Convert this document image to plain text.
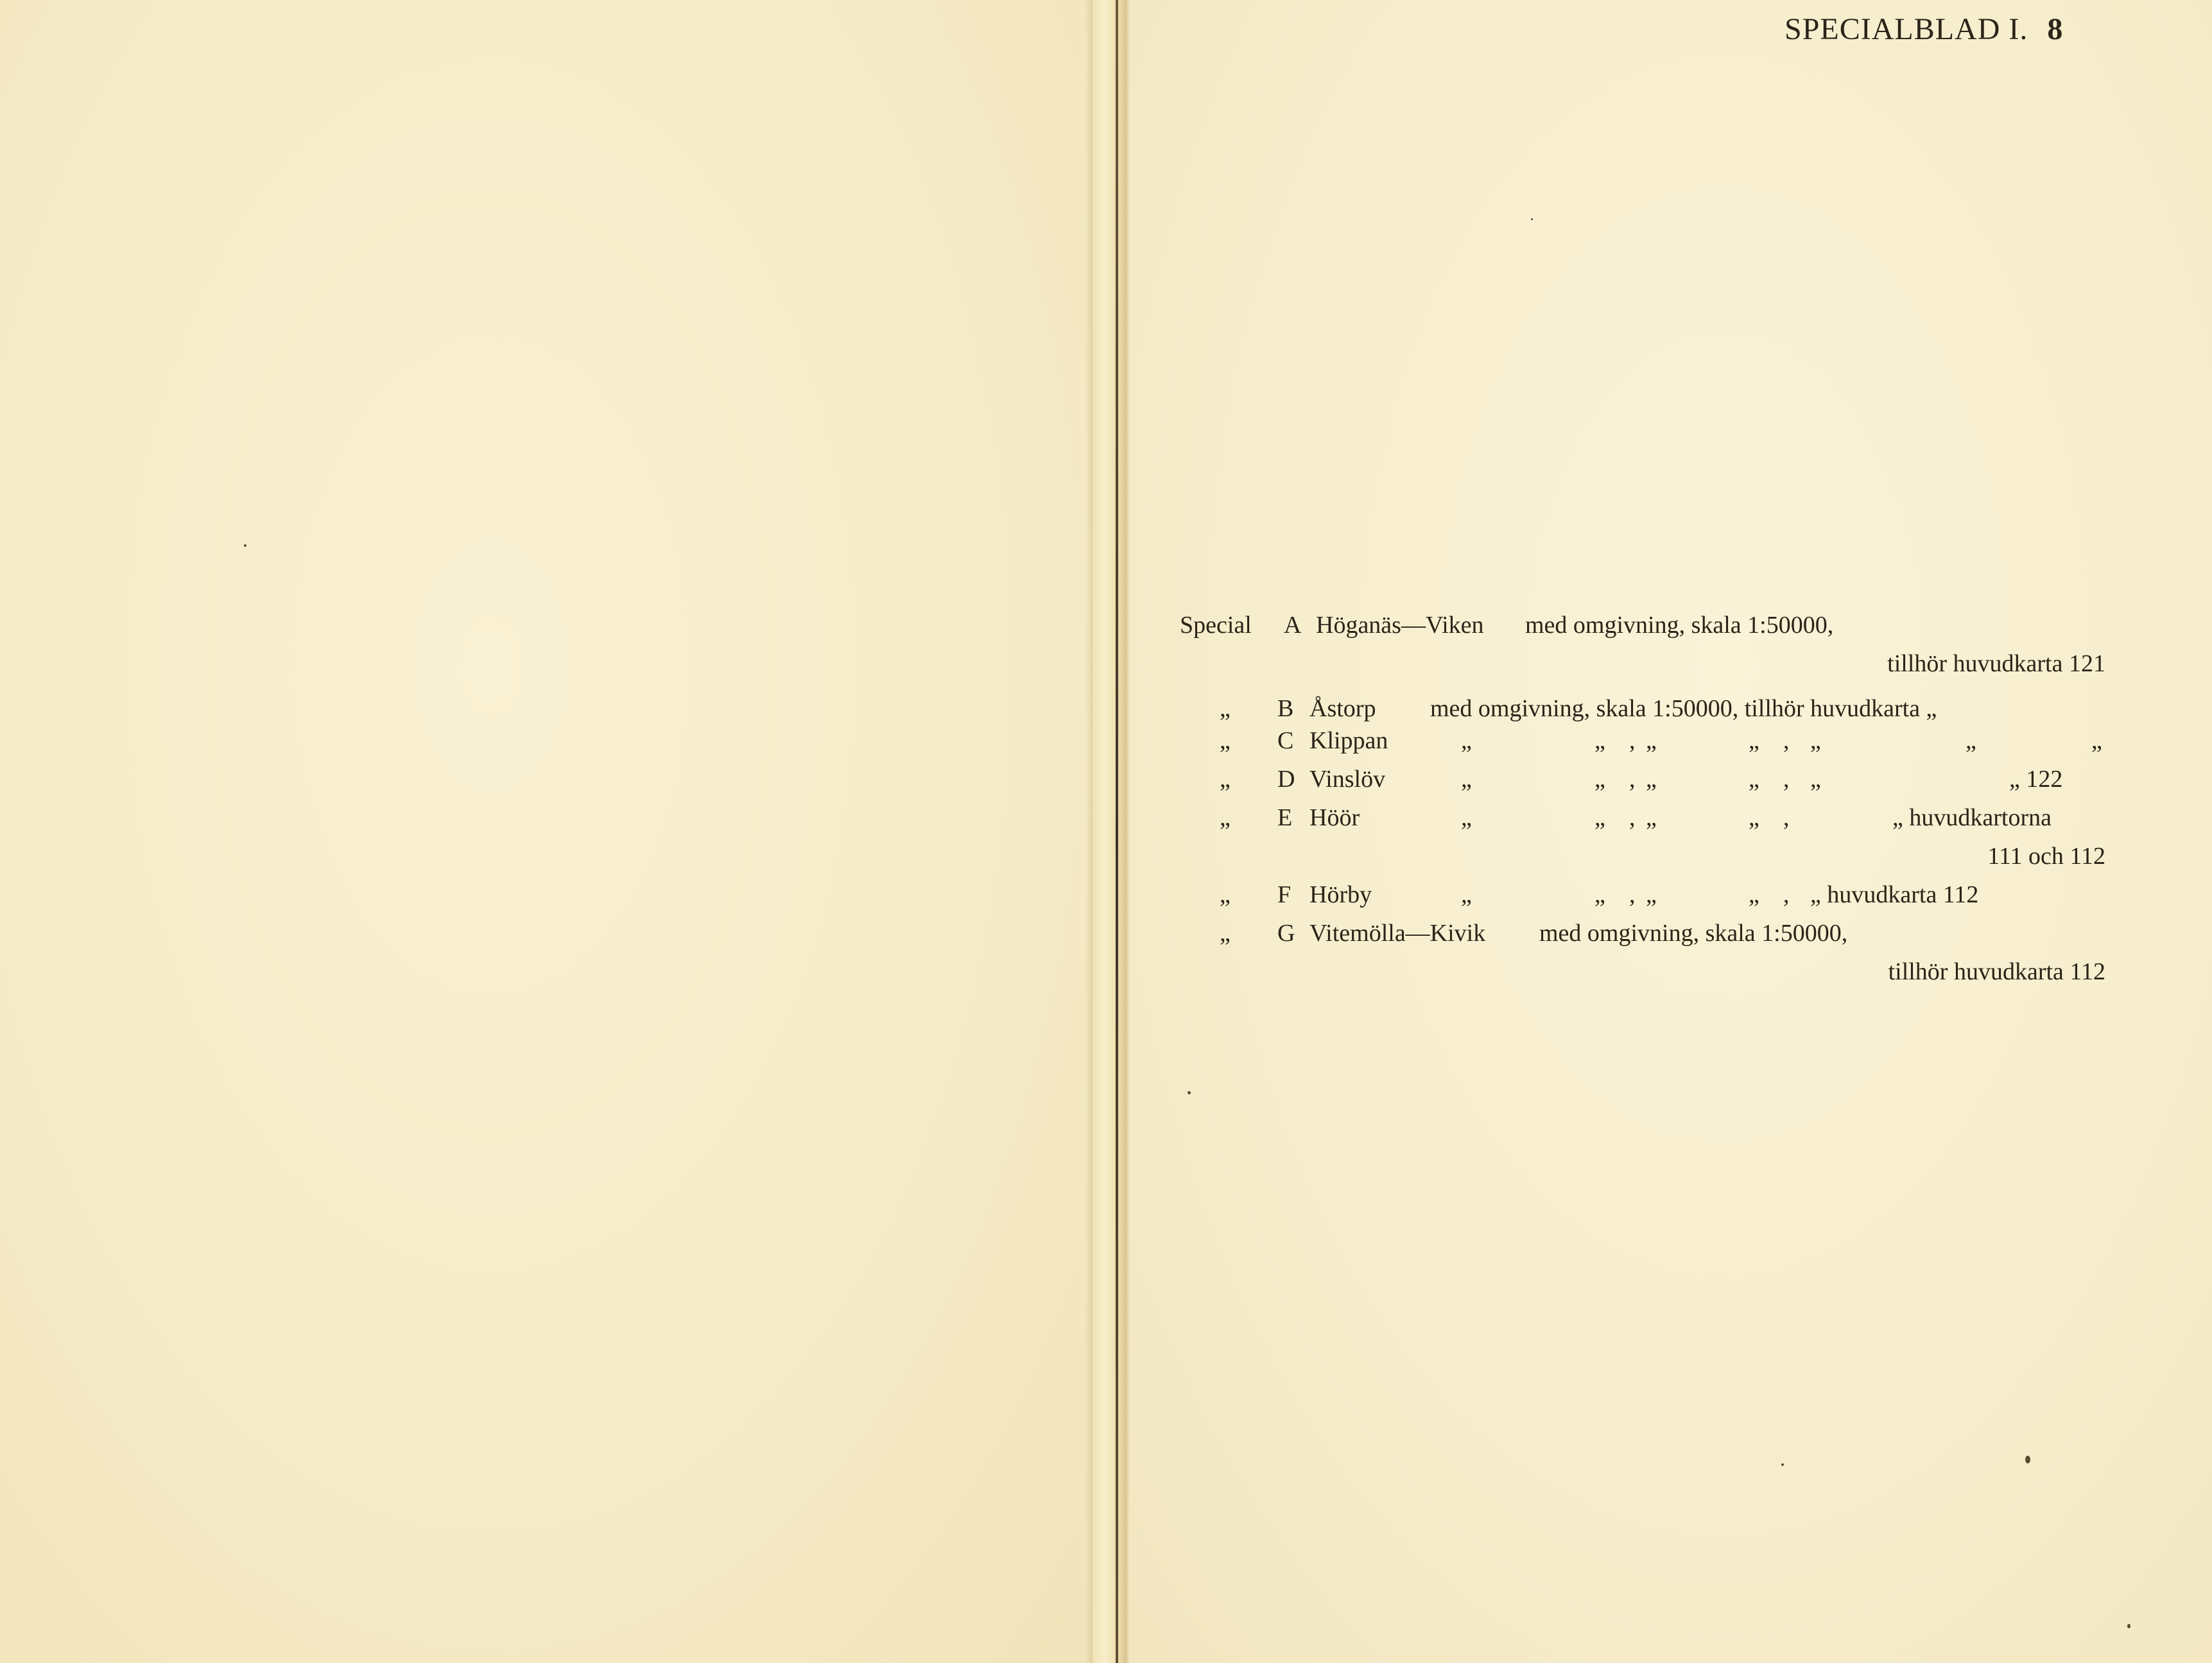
SPECIALBLAD I. 8
Special A Höganäs—Viken med omgivning, skala 1:50000,
tillhör huvudkarta 121
„ B Åstorp med omgivning, skala 1:50000, tillhör huvudkarta „
„ C Klippan	„	„ , „	„ , „	„	„
„ D Vinslöv	„	„ , „	„ , „	„ 122
„ E Höör	„	„ , „	„ ,	„ huvudkartorna
111 och 112
„ F Hörby	„	„ , „	„ , „ huvudkarta 112
„ G Vitemölla—Kivik med omgivning, skala 1:50000,
tillhör huvudkarta 112
